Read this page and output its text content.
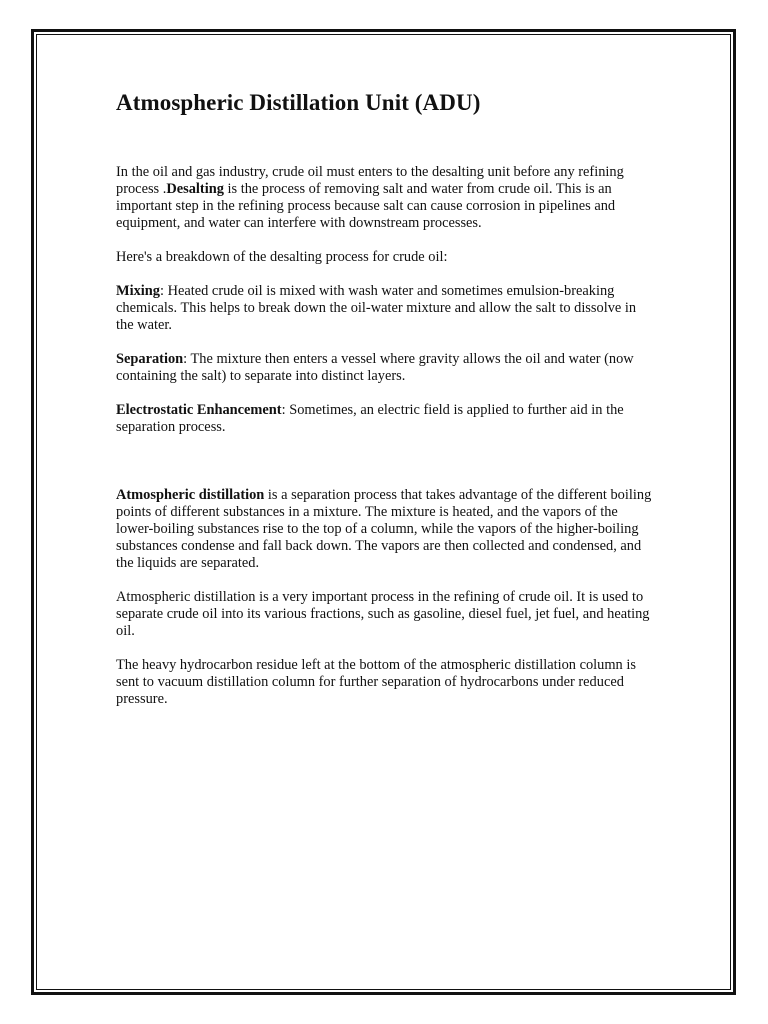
Atmospheric Distillation Unit (ADU)

In the oil and gas industry, crude oil must enters to the desalting unit before any refining process .Desalting is the process of removing salt and water from crude oil. This is an important step in the refining process because salt can cause corrosion in pipelines and equipment, and water can interfere with downstream processes.

Here's a breakdown of the desalting process for crude oil:

Mixing: Heated crude oil is mixed with wash water and sometimes emulsion-breaking chemicals. This helps to break down the oil-water mixture and allow the salt to dissolve in the water.

Separation: The mixture then enters a vessel where gravity allows the oil and water (now containing the salt) to separate into distinct layers.

Electrostatic Enhancement: Sometimes, an electric field is applied to further aid in the separation process.

Atmospheric distillation is a separation process that takes advantage of the different boiling points of different substances in a mixture. The mixture is heated, and the vapors of the lower-boiling substances rise to the top of a column, while the vapors of the higher-boiling substances condense and fall back down. The vapors are then collected and condensed, and the liquids are separated.

Atmospheric distillation is a very important process in the refining of crude oil. It is used to separate crude oil into its various fractions, such as gasoline, diesel fuel, jet fuel, and heating oil.

The heavy hydrocarbon residue left at the bottom of the atmospheric distillation column is sent to vacuum distillation column for further separation of hydrocarbons under reduced pressure.
